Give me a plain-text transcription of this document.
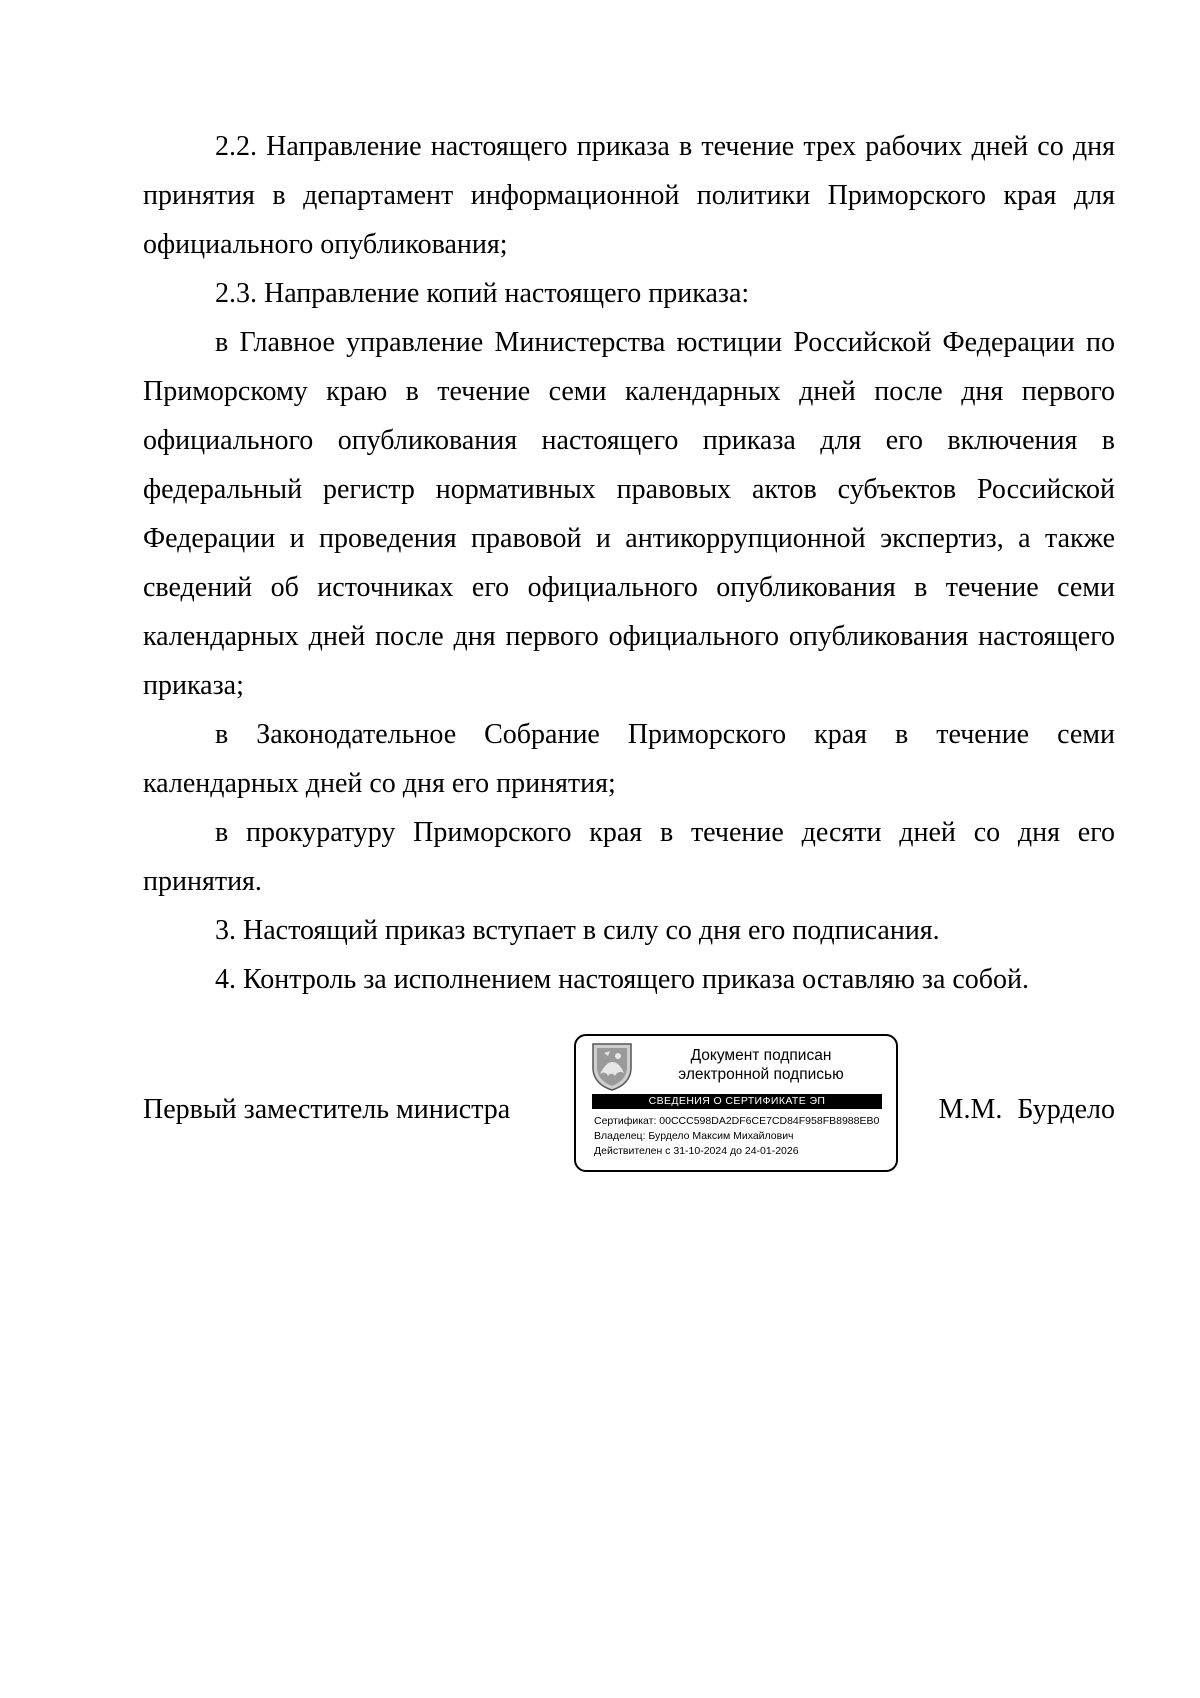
2.2. Направление настоящего приказа в течение трех рабочих дней со дня принятия в департамент информационной политики Приморского края для официального опубликования;

2.3. Направление копий настоящего приказа:

в Главное управление Министерства юстиции Российской Федерации по Приморскому краю в течение семи календарных дней после дня первого официального опубликования настоящего приказа для его включения в федеральный регистр нормативных правовых актов субъектов Российской Федерации и проведения правовой и антикоррупционной экспертиз, а также сведений об источниках его официального опубликования в течение семи календарных дней после дня первого официального опубликования настоящего приказа;

в Законодательное Собрание Приморского края в течение семи календарных дней со дня его принятия;

в прокуратуру Приморского края в течение десяти дней со дня его принятия.

3. Настоящий приказ вступает в силу со дня его подписания.

4. Контроль за исполнением настоящего приказа оставляю за собой.

Первый заместитель министра
Документ подписан
электронной подписью
СВЕДЕНИЯ О СЕРТИФИКАТЕ ЭП
Сертификат: 00CCC598DA2DF6CE7CD84F958FB8988EB0
Владелец: Бурдело Максим Михайлович
Действителен с 31-10-2024 до 24-01-2026
М.М. Бурдело
